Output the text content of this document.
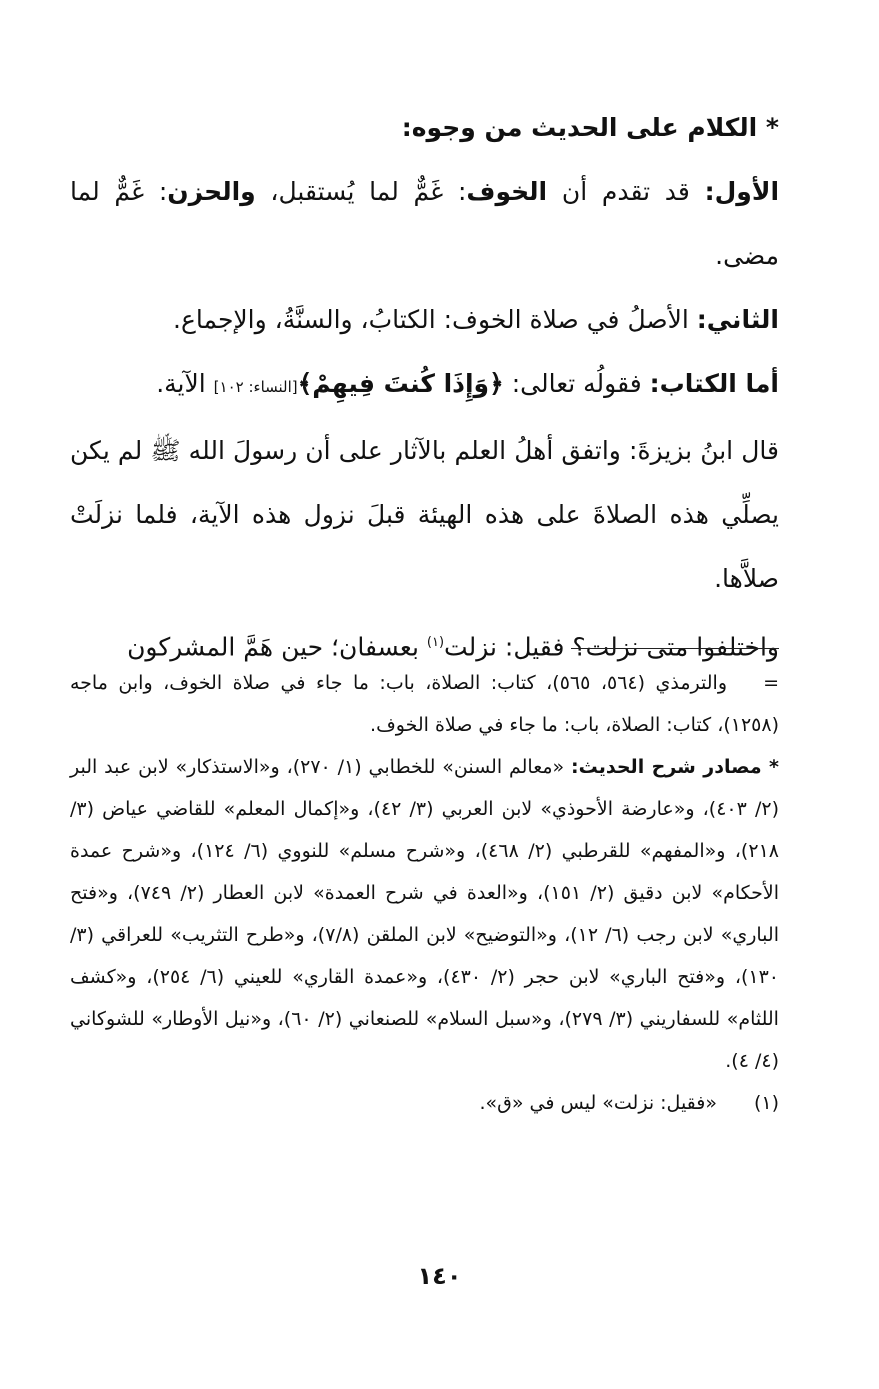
* الكلام على الحديث من وجوه:

الأول: قد تقدم أن الخوف: غَمٌّ لما يُستقبل، والحزن: غَمٌّ لما مضى.

الثاني: الأصلُ في صلاة الخوف: الكتابُ، والسنَّةُ، والإجماع.

أما الكتاب: فقولُه تعالى: ﴿وَإِذَا كُنتَ فِيهِمْ﴾[النساء: ١٠٢] الآية.

قال ابنُ بزيزةَ: واتفق أهلُ العلم بالآثار على أن رسولَ الله ﷺ لم يكن يصلِّي هذه الصلاةَ على هذه الهيئة قبلَ نزول هذه الآية، فلما نزلَتْ صلاَّها.

واختلفوا متى نزلت؟ فقيل: نزلت$^{(١)}$ بعسفان؛ حين هَمَّ المشركون

=والترمذي (٥٦٤، ٥٦٥)، كتاب: الصلاة، باب: ما جاء في صلاة الخوف، وابن ماجه (١٢٥٨)، كتاب: الصلاة، باب: ما جاء في صلاة الخوف.

* مصادر شرح الحديث: «معالم السنن» للخطابي (١/ ٢٧٠)، و«الاستذكار» لابن عبد البر (٢/ ٤٠٣)، و«عارضة الأحوذي» لابن العربي (٣/ ٤٢)، و«إكمال المعلم» للقاضي عياض (٣/ ٢١٨)، و«المفهم» للقرطبي (٢/ ٤٦٨)، و«شرح مسلم» للنووي (٦/ ١٢٤)، و«شرح عمدة الأحكام» لابن دقيق (٢/ ١٥١)، و«العدة في شرح العمدة» لابن العطار (٢/ ٧٤٩)، و«فتح الباري» لابن رجب (٦/ ١٢)، و«التوضيح» لابن الملقن (٧/٨)، و«طرح التثريب» للعراقي (٣/ ١٣٠)، و«فتح الباري» لابن حجر (٢/ ٤٣٠)، و«عمدة القاري» للعيني (٦/ ٢٥٤)، و«كشف اللثام» للسفاريني (٣/ ٢٧٩)، و«سبل السلام» للصنعاني (٢/ ٦٠)، و«نيل الأوطار» للشوكاني (٤/ ٤).

(١)«فقيل: نزلت» ليس في «ق».

١٤٠
